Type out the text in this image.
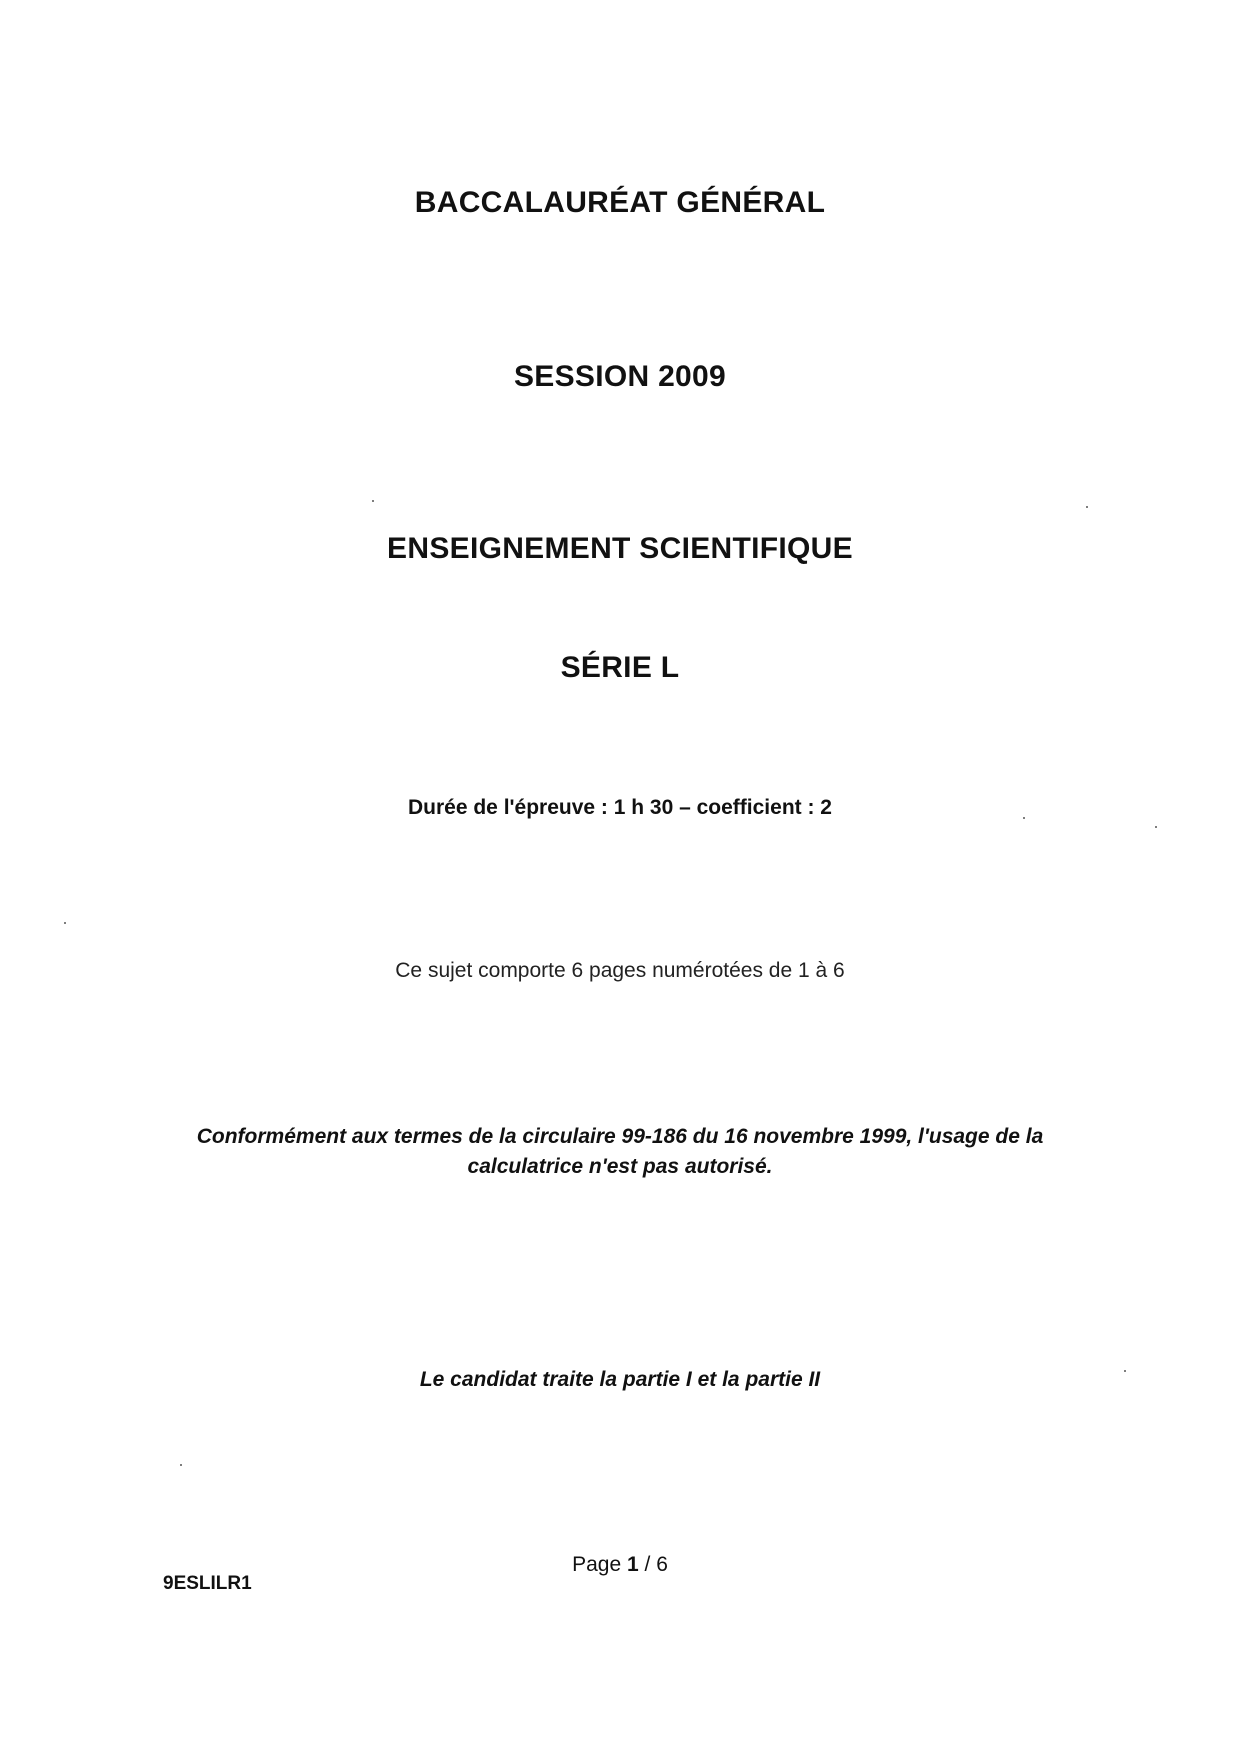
BACCALAURÉAT GÉNÉRAL
SESSION 2009
ENSEIGNEMENT SCIENTIFIQUE
SÉRIE L
Durée de l'épreuve : 1 h 30 – coefficient : 2
Ce sujet comporte 6 pages numérotées de 1 à 6
Conformément aux termes de la circulaire 99-186 du 16 novembre 1999, l'usage de la
calculatrice n'est pas autorisé.
Le candidat traite la partie I et la partie II
Page 1 / 6
9ESLILR1
